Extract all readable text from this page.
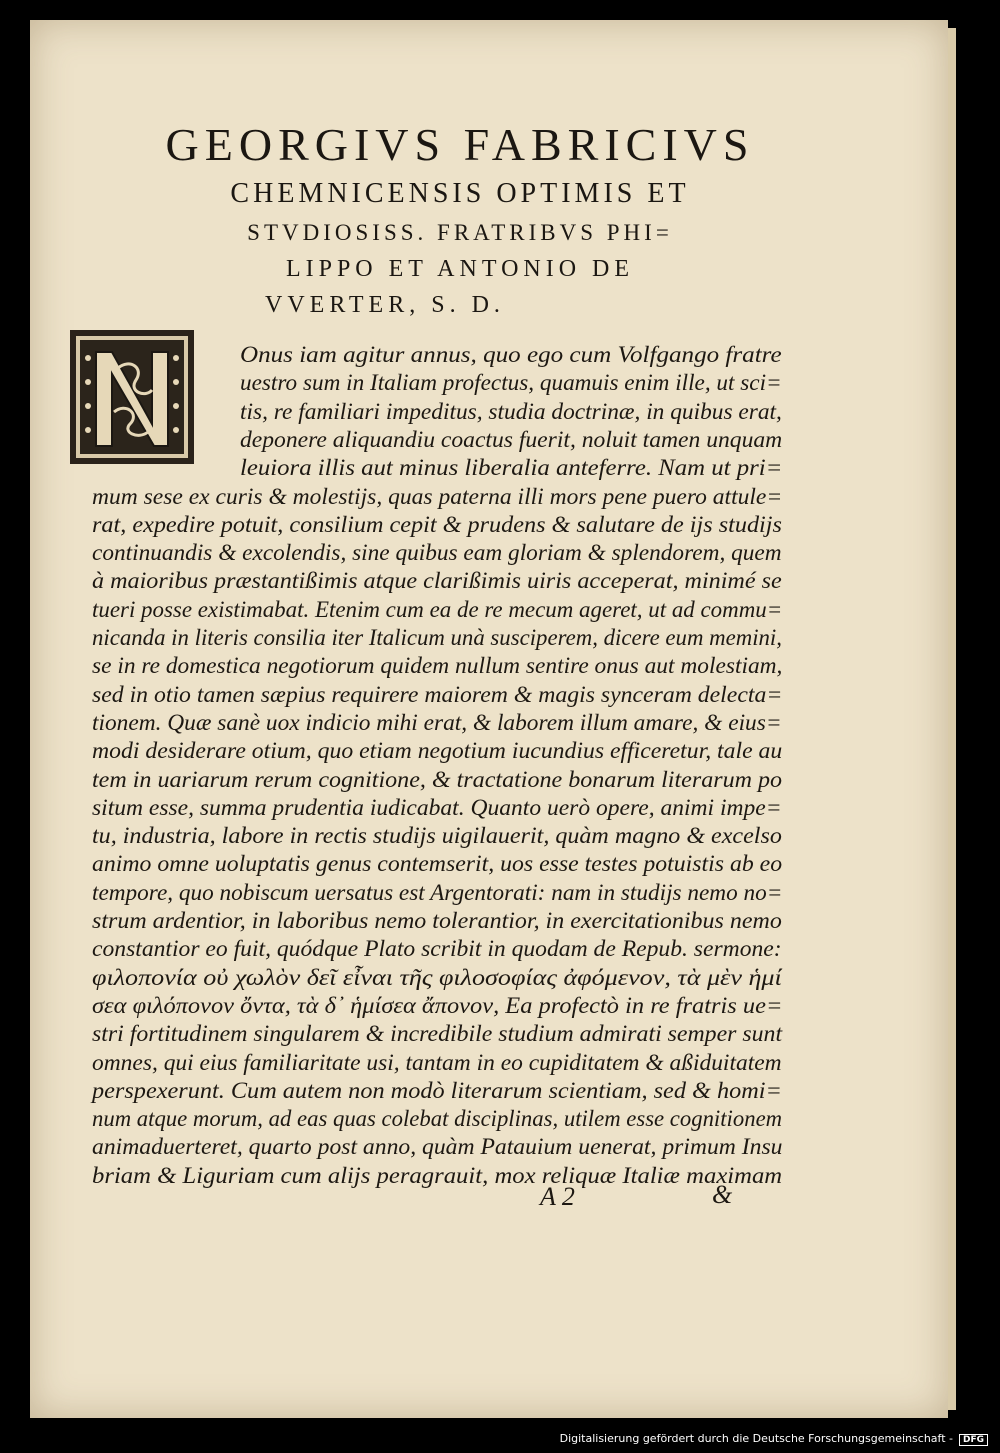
GEORGIVS FABRICIVS
CHEMNICENSIS OPTIMIS ET
STVDIOSISS. FRATRIBVS PHI=
LIPPO ET ANTONIO DE
VVERTER, S. D.
Onus iam agitur annus, quo ego cum Volfgango fratre
uestro sum in Italiam profectus, quamuis enim ille, ut sci=
tis, re familiari impeditus, studia doctrinæ, in quibus erat,
deponere aliquandiu coactus fuerit, noluit tamen unquam
leuiora illis aut minus liberalia anteferre. Nam ut pri=
mum sese ex curis & molestijs, quas paterna illi mors pene puero attule=
rat, expedire potuit, consilium cepit & prudens & salutare de ijs studijs
continuandis & excolendis, sine quibus eam gloriam & splendorem, quem
à maioribus præstantißimis atque clarißimis uiris acceperat, minimé se
tueri posse existimabat. Etenim cum ea de re mecum ageret, ut ad commu=
nicanda in literis consilia iter Italicum unà susciperem, dicere eum memini,
se in re domestica negotiorum quidem nullum sentire onus aut molestiam,
sed in otio tamen sæpius requirere maiorem & magis synceram delecta=
tionem. Quæ sanè uox indicio mihi erat, & laborem illum amare, & eius=
modi desiderare otium, quo etiam negotium iucundius efficeretur, tale au
tem in uariarum rerum cognitione, & tractatione bonarum literarum po
situm esse, summa prudentia iudicabat. Quanto uerò opere, animi impe=
tu, industria, labore in rectis studijs uigilauerit, quàm magno & excelso
animo omne uoluptatis genus contemserit, uos esse testes potuistis ab eo
tempore, quo nobiscum uersatus est Argentorati: nam in studijs nemo no=
strum ardentior, in laboribus nemo tolerantior, in exercitationibus nemo
constantior eo fuit, quódque Plato scribit in quodam de Repub. sermone:
φιλοπονία οὐ χωλὸν δεῖ εἶναι τῆς φιλοσοφίας ἀφόμενον, τὰ μὲν ἡμί
σεα φιλόπονον ὄντα, τὰ δ᾽ ἡμίσεα ἄπονον, Ea profectò in re fratris ue=
stri fortitudinem singularem & incredibile studium admirati semper sunt
omnes, qui eius familiaritate usi, tantam in eo cupiditatem & aßiduitatem
perspexerunt. Cum autem non modò literarum scientiam, sed & homi=
num atque morum, ad eas quas colebat disciplinas, utilem esse cognitionem
animaduerteret, quarto post anno, quàm Patauium uenerat, primum Insu
briam & Liguriam cum alijs peragrauit, mox reliquæ Italiæ maximam
A 2	&
Digitalisierung gefördert durch die Deutsche Forschungsgemeinschaft - DFG
